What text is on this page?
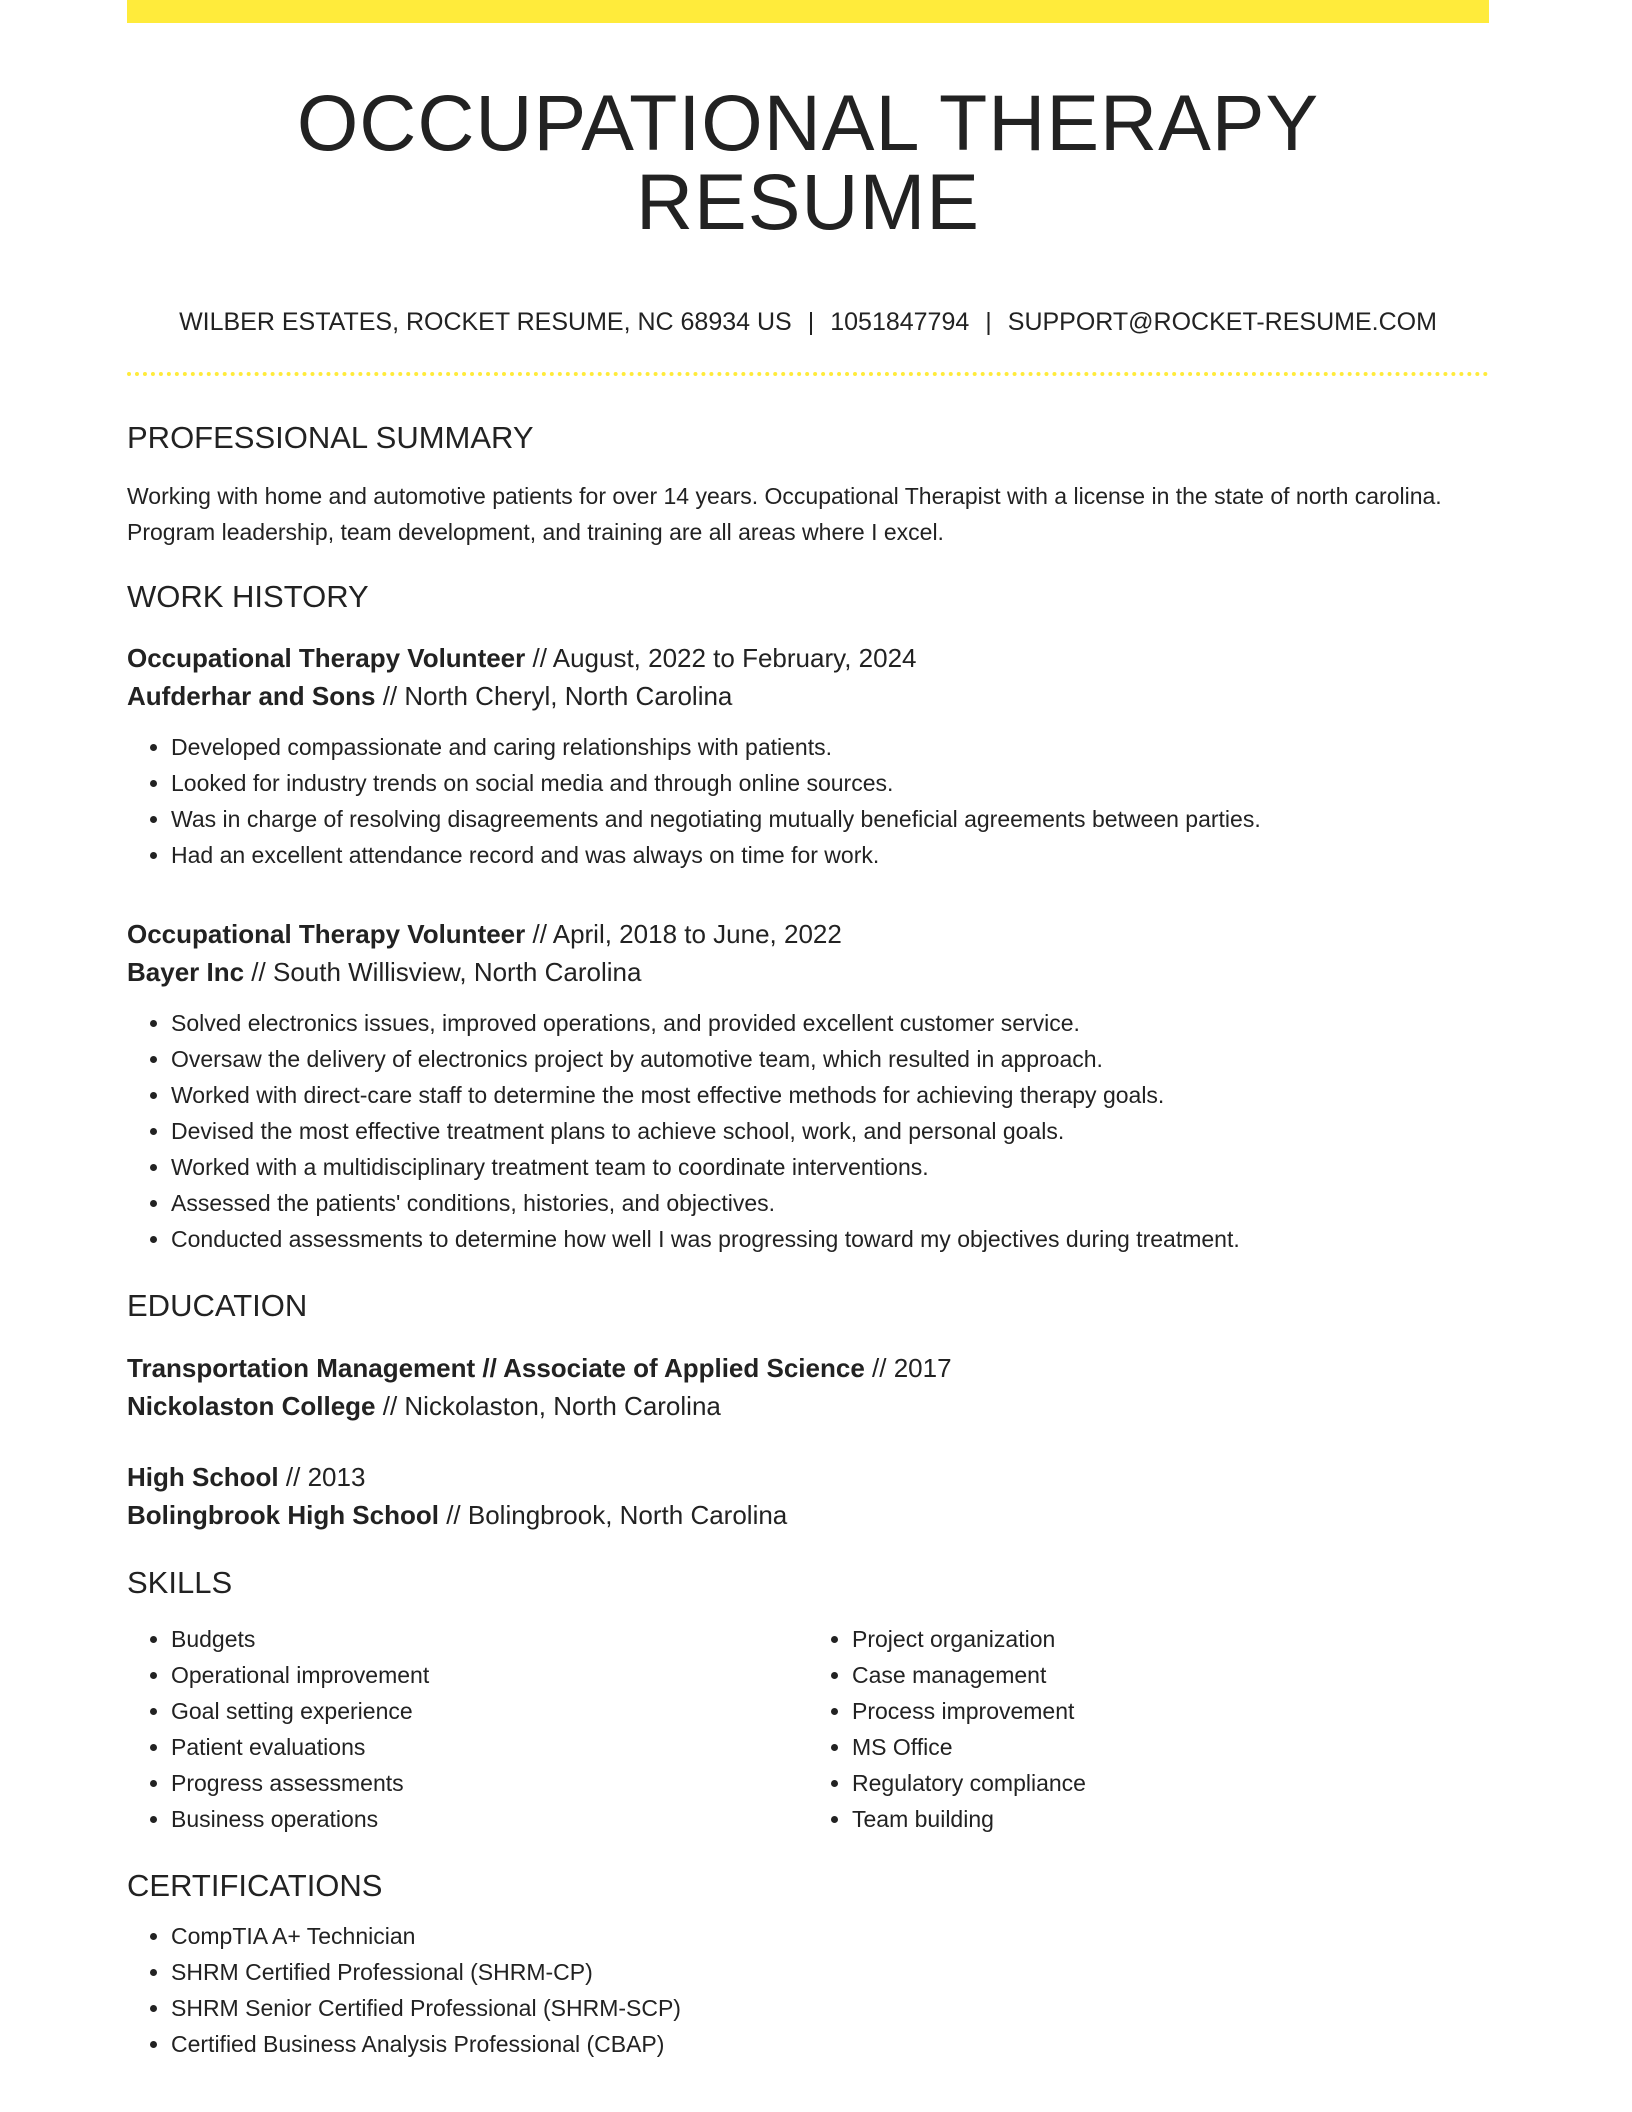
OCCUPATIONAL THERAPY RESUME
WILBER ESTATES, ROCKET RESUME, NC 68934 US | 1051847794 | SUPPORT@ROCKET-RESUME.COM
PROFESSIONAL SUMMARY

Working with home and automotive patients for over 14 years. Occupational Therapist with a license in the state of north carolina. Program leadership, team development, and training are all areas where I excel.

WORK HISTORY
Occupational Therapy Volunteer // August, 2022 to February, 2024
Aufderhar and Sons // North Cheryl, North Carolina
• Developed compassionate and caring relationships with patients.
• Looked for industry trends on social media and through online sources.
• Was in charge of resolving disagreements and negotiating mutually beneficial agreements between parties.
• Had an excellent attendance record and was always on time for work.
Occupational Therapy Volunteer // April, 2018 to June, 2022
Bayer Inc // South Willisview, North Carolina
• Solved electronics issues, improved operations, and provided excellent customer service.
• Oversaw the delivery of electronics project by automotive team, which resulted in approach.
• Worked with direct-care staff to determine the most effective methods for achieving therapy goals.
• Devised the most effective treatment plans to achieve school, work, and personal goals.
• Worked with a multidisciplinary treatment team to coordinate interventions.
• Assessed the patients' conditions, histories, and objectives.
• Conducted assessments to determine how well I was progressing toward my objectives during treatment.
EDUCATION
Transportation Management // Associate of Applied Science // 2017
Nickolaston College // Nickolaston, North Carolina
High School // 2013
Bolingbrook High School // Bolingbrook, North Carolina
SKILLS
• Budgets
• Operational improvement
• Goal setting experience
• Patient evaluations
• Progress assessments
• Business operations
• Project organization
• Case management
• Process improvement
• MS Office
• Regulatory compliance
• Team building
CERTIFICATIONS
• CompTIA A+ Technician
• SHRM Certified Professional (SHRM-CP)
• SHRM Senior Certified Professional (SHRM-SCP)
• Certified Business Analysis Professional (CBAP)
